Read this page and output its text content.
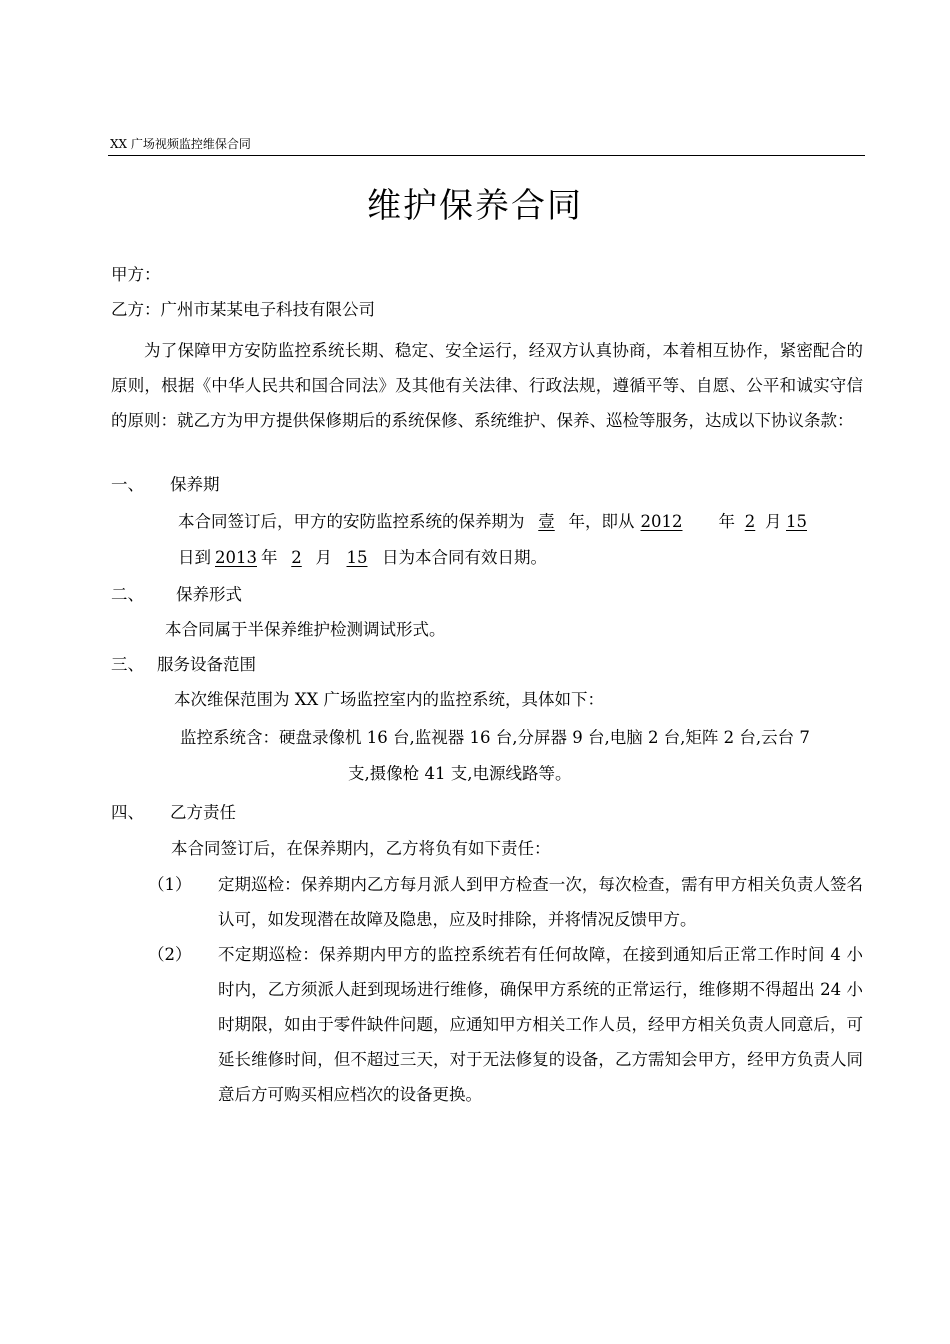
XX 广场视频监控维保合同
维护保养合同
甲方：
乙方：广州市某某电子科技有限公司
为了保障甲方安防监控系统长期、稳定、安全运行，经双方认真协商，本着相互协作，紧密配合的原则，根据《中华人民共和国合同法》及其他有关法律、行政法规，遵循平等、自愿、公平和诚实守信的原则：就乙方为甲方提供保修期后的系统保修、系统维护、保养、巡检等服务，达成以下协议条款：
一、 保养期
本合同签订后，甲方的安防监控系统的保养期为 壹 年，即从 2012 年 2 月 15
日到 2013 年 2 月 15 日为本合同有效日期。
二、 保养形式
本合同属于半保养维护检测调试形式。
三、 服务设备范围
本次维保范围为 XX 广场监控室内的监控系统，具体如下：
监控系统含：硬盘录像机 16 台,监视器 16 台,分屏器 9 台,电脑 2 台,矩阵 2 台,云台 7
支,摄像枪 41 支,电源线路等。
四、 乙方责任
本合同签订后，在保养期内，乙方将负有如下责任：
（1） 定期巡检：保养期内乙方每月派人到甲方检查一次，每次检查，需有甲方相关负责人签名认可，如发现潜在故障及隐患，应及时排除，并将情况反馈甲方。
（2） 不定期巡检：保养期内甲方的监控系统若有任何故障，在接到通知后正常工作时间 4 小时内，乙方须派人赶到现场进行维修，确保甲方系统的正常运行，维修期不得超出 24 小时期限，如由于零件缺件问题，应通知甲方相关工作人员，经甲方相关负责人同意后，可延长维修时间，但不超过三天，对于无法修复的设备，乙方需知会甲方，经甲方负责人同意后方可购买相应档次的设备更换。
